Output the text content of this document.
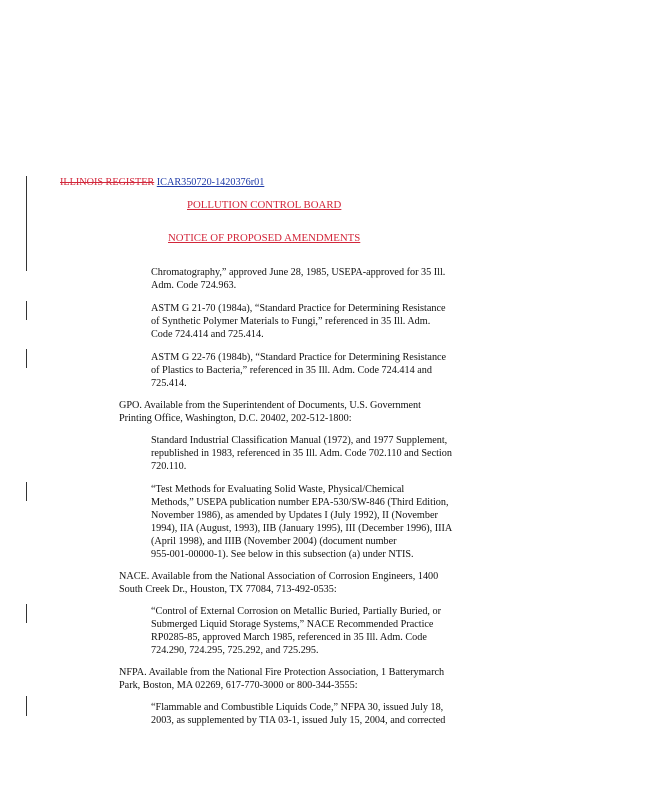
ILLINOIS REGISTER ICAR350720-1420376r01
POLLUTION CONTROL BOARD
NOTICE OF PROPOSED AMENDMENTS
Chromatography,” approved June 28, 1985, USEPA-approved for 35 Ill.
Adm. Code 724.963.
ASTM G 21-70 (1984a), “Standard Practice for Determining Resistance
of Synthetic Polymer Materials to Fungi,” referenced in 35 Ill. Adm.
Code 724.414 and 725.414.
ASTM G 22-76 (1984b), “Standard Practice for Determining Resistance
of Plastics to Bacteria,” referenced in 35 Ill. Adm. Code 724.414 and
725.414.
GPO. Available from the Superintendent of Documents, U.S. Government
Printing Office, Washington, D.C. 20402, 202-512-1800:
Standard Industrial Classification Manual (1972), and 1977 Supplement,
republished in 1983, referenced in 35 Ill. Adm. Code 702.110 and Section
720.110.
“Test Methods for Evaluating Solid Waste, Physical/Chemical
Methods,” USEPA publication number EPA-530/SW-846 (Third Edition,
November 1986), as amended by Updates I (July 1992), II (November
1994), IIA (August, 1993), IIB (January 1995), III (December 1996), IIIA
(April 1998), and IIIB (November 2004) (document number
955-001-00000-1). See below in this subsection (a) under NTIS.
NACE. Available from the National Association of Corrosion Engineers, 1400
South Creek Dr., Houston, TX 77084, 713-492-0535:
“Control of External Corrosion on Metallic Buried, Partially Buried, or
Submerged Liquid Storage Systems,” NACE Recommended Practice
RP0285-85, approved March 1985, referenced in 35 Ill. Adm. Code
724.290, 724.295, 725.292, and 725.295.
NFPA. Available from the National Fire Protection Association, 1 Batterymarch
Park, Boston, MA 02269, 617-770-3000 or 800-344-3555:
“Flammable and Combustible Liquids Code,” NFPA 30, issued July 18,
2003, as supplemented by TIA 03-1, issued July 15, 2004, and corrected
